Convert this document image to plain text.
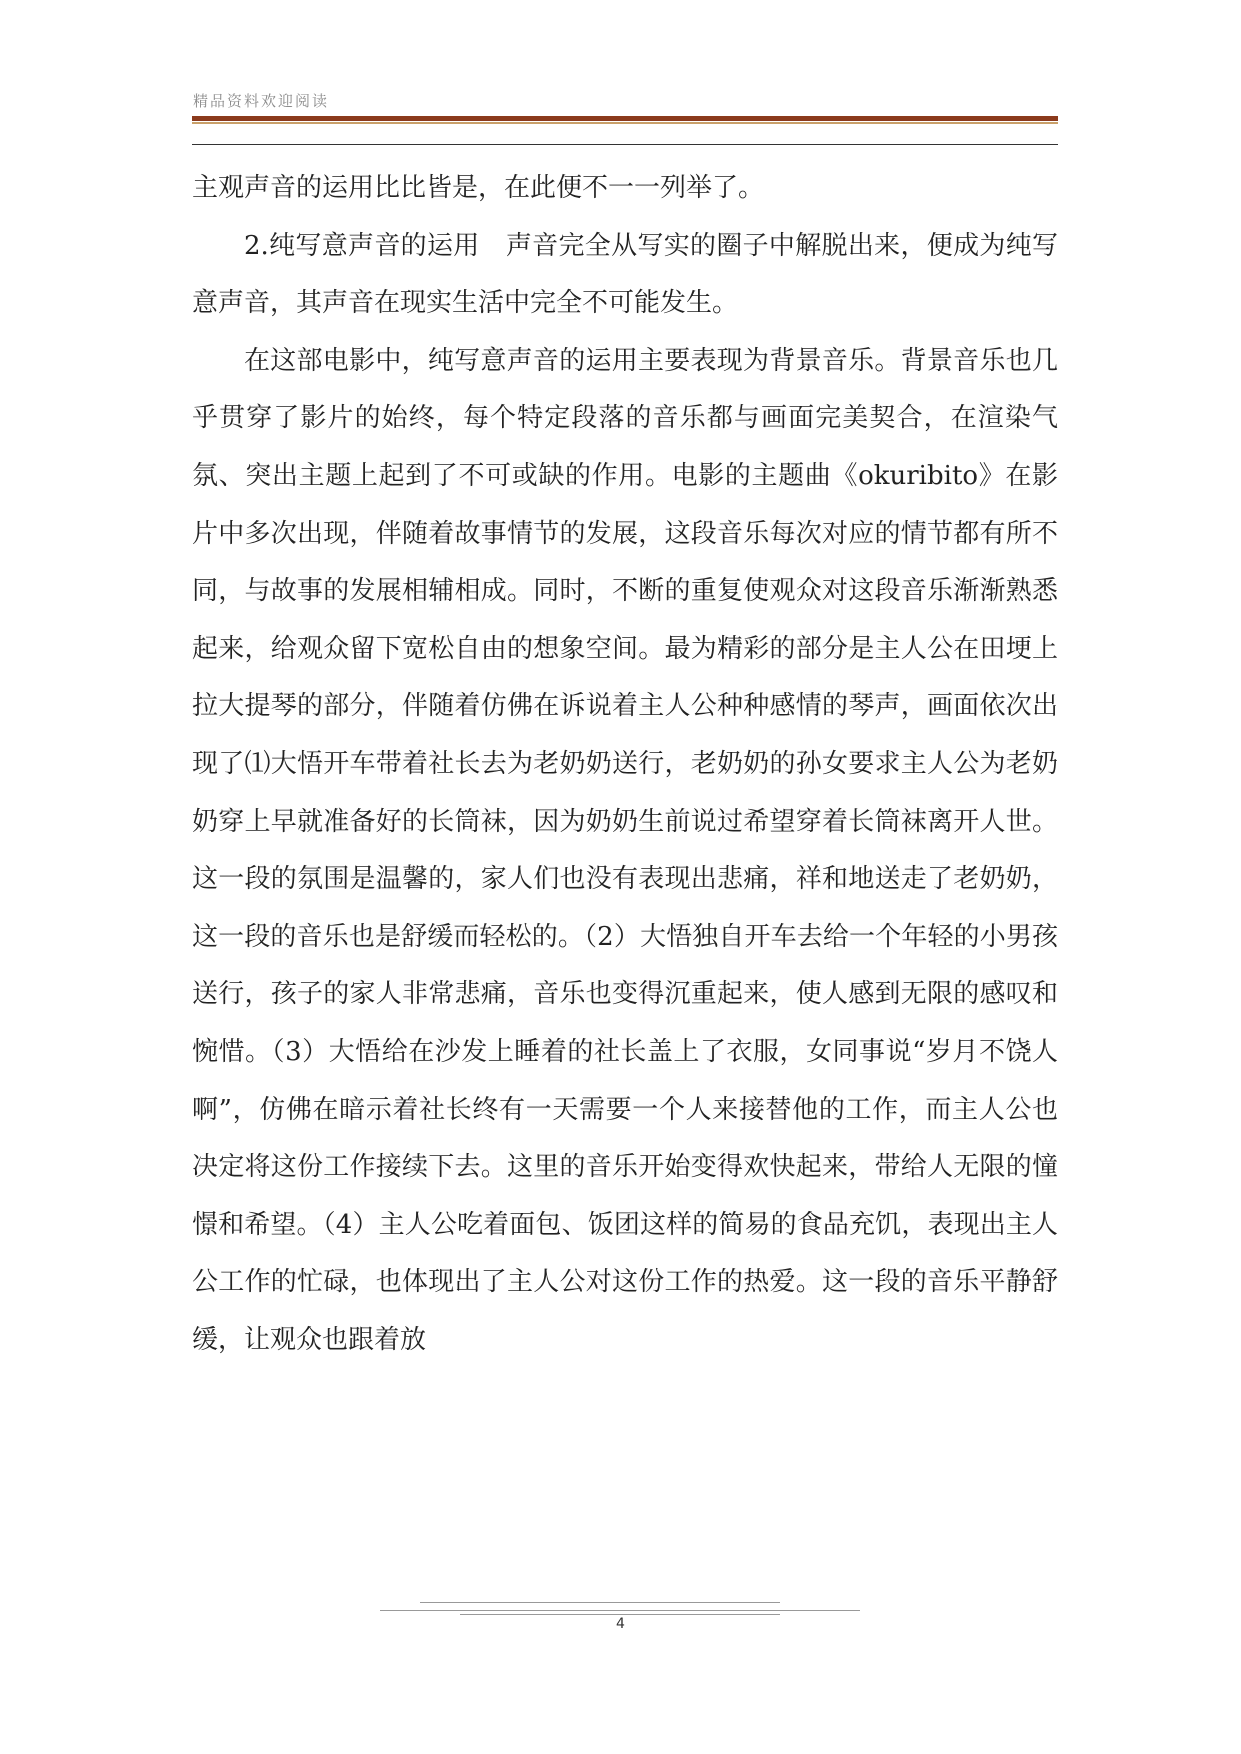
精品资料欢迎阅读

主观声音的运用比比皆是，在此便不一一列举了。

2.纯写意声音的运用　声音完全从写实的圈子中解脱出来，便成为纯写意声音，其声音在现实生活中完全不可能发生。

在这部电影中，纯写意声音的运用主要表现为背景音乐。背景音乐也几乎贯穿了影片的始终，每个特定段落的音乐都与画面完美契合，在渲染气氛、突出主题上起到了不可或缺的作用。电影的主题曲《okuribito》在影片中多次出现，伴随着故事情节的发展，这段音乐每次对应的情节都有所不同，与故事的发展相辅相成。同时，不断的重复使观众对这段音乐渐渐熟悉起来，给观众留下宽松自由的想象空间。最为精彩的部分是主人公在田埂上拉大提琴的部分，伴随着仿佛在诉说着主人公种种感情的琴声，画面依次出现了⑴大悟开车带着社长去为老奶奶送行，老奶奶的孙女要求主人公为老奶奶穿上早就准备好的长筒袜，因为奶奶生前说过希望穿着长筒袜离开人世。这一段的氛围是温馨的，家人们也没有表现出悲痛，祥和地送走了老奶奶，这一段的音乐也是舒缓而轻松的。（2）大悟独自开车去给一个年轻的小男孩送行，孩子的家人非常悲痛，音乐也变得沉重起来，使人感到无限的感叹和惋惜。（3）大悟给在沙发上睡着的社长盖上了衣服，女同事说“岁月不饶人啊”，仿佛在暗示着社长终有一天需要一个人来接替他的工作，而主人公也决定将这份工作接续下去。这里的音乐开始变得欢快起来，带给人无限的憧憬和希望。（4）主人公吃着面包、饭团这样的简易的食品充饥，表现出主人公工作的忙碌，也体现出了主人公对这份工作的热爱。这一段的音乐平静舒缓，让观众也跟着放

4
